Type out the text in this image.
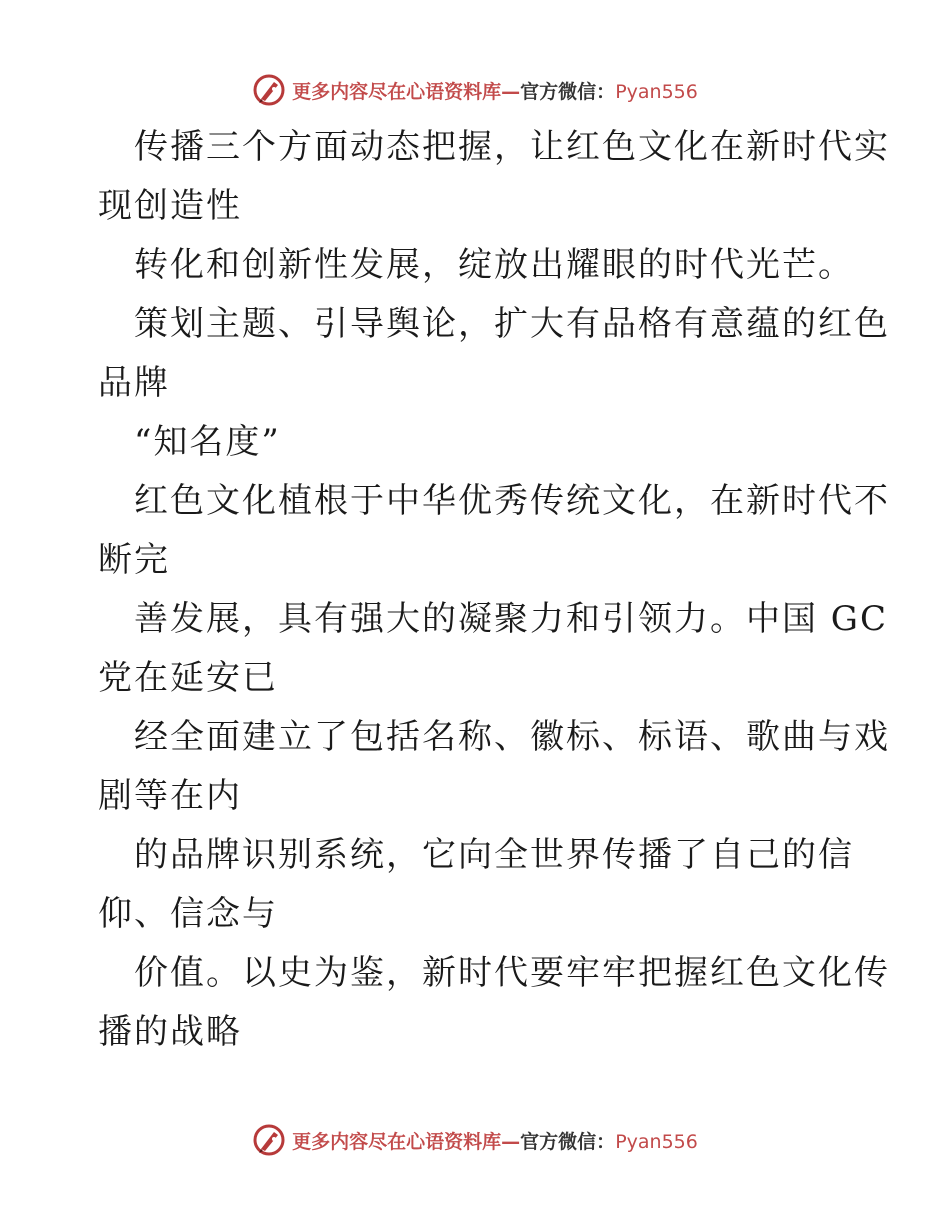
更多内容尽在心语资料库—官方微信：Pyan556
传播三个方面动态把握，让红色文化在新时代实
现创造性
转化和创新性发展，绽放出耀眼的时代光芒。
策划主题、引导舆论，扩大有品格有意蕴的红色
品牌
“知名度”
红色文化植根于中华优秀传统文化，在新时代不
断完
善发展，具有强大的凝聚力和引领力。中国 GC
党在延安已
经全面建立了包括名称、徽标、标语、歌曲与戏
剧等在内
的品牌识别系统，它向全世界传播了自己的信
仰、信念与
价值。以史为鉴，新时代要牢牢把握红色文化传
播的战略
更多内容尽在心语资料库—官方微信：Pyan556
